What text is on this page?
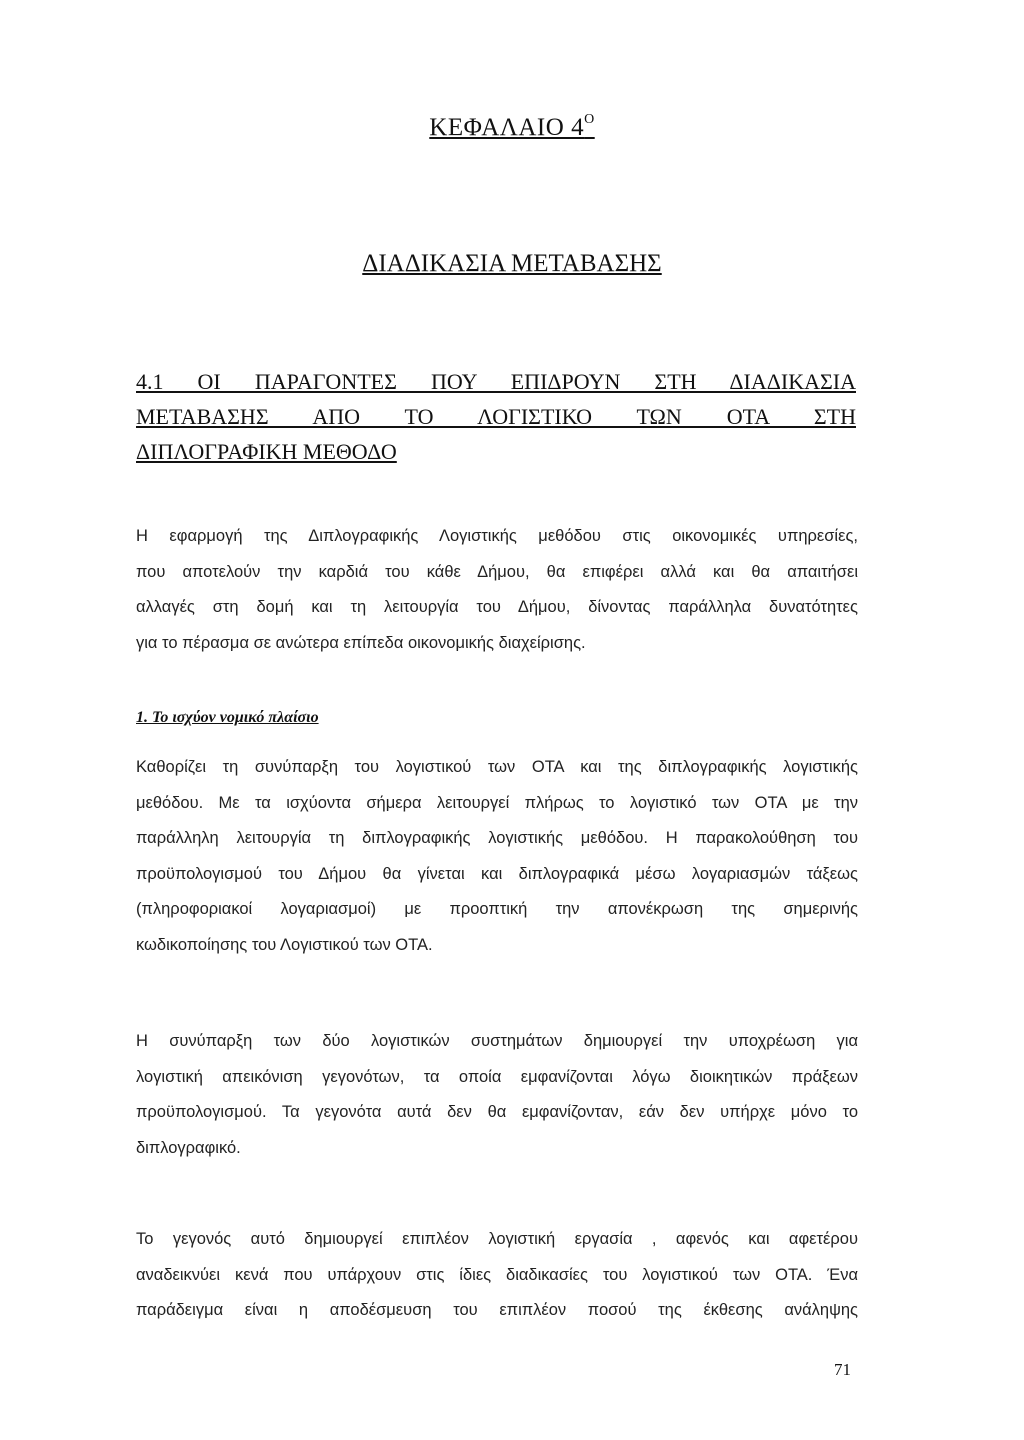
ΚΕΦΑΛΑΙΟ $4^O$
ΔΙΑΔΙΚΑΣΙΑ ΜΕΤΑΒΑΣΗΣ
4.1 ΟΙ ΠΑΡΑΓΟΝΤΕΣ ΠΟΥ ΕΠΙΔΡΟΥΝ ΣΤΗ ΔΙΑΔΙΚΑΣΙΑ
ΜΕΤΑΒΑΣΗΣ ΑΠΟ ΤΟ ΛΟΓΙΣΤΙΚΟ ΤΩΝ ΟΤΑ ΣΤΗ
ΔΙΠΛΟΓΡΑΦΙΚΗ ΜΕΘΟΔΟ
Η εφαρμογή της Διπλογραφικής Λογιστικής μεθόδου στις οικονομικές υπηρεσίες,
που αποτελούν την καρδιά του κάθε Δήμου, θα επιφέρει αλλά και θα απαιτήσει
αλλαγές στη δομή και τη λειτουργία του Δήμου, δίνοντας παράλληλα δυνατότητες
για το πέρασμα σε ανώτερα επίπεδα οικονομικής διαχείρισης.
1. Το ισχύον νομικό πλαίσιο
Καθορίζει τη συνύπαρξη του λογιστικού των ΟΤΑ και της διπλογραφικής λογιστικής
μεθόδου. Με τα ισχύοντα σήμερα λειτουργεί πλήρως το λογιστικό των ΟΤΑ με την
παράλληλη λειτουργία τη διπλογραφικής λογιστικής μεθόδου. Η παρακολούθηση του
προϋπολογισμού του Δήμου θα γίνεται και διπλογραφικά μέσω λογαριασμών τάξεως
(πληροφοριακοί λογαριασμοί) με προοπτική την απονέκρωση της σημερινής
κωδικοποίησης του Λογιστικού των ΟΤΑ.
Η συνύπαρξη των δύο λογιστικών συστημάτων δημιουργεί την υποχρέωση για
λογιστική απεικόνιση γεγονότων, τα οποία εμφανίζονται λόγω διοικητικών πράξεων
προϋπολογισμού. Τα γεγονότα αυτά δεν θα εμφανίζονταν, εάν δεν υπήρχε μόνο το
διπλογραφικό.
Το γεγονός αυτό δημιουργεί επιπλέον λογιστική εργασία , αφενός και αφετέρου
αναδεικνύει κενά που υπάρχουν στις ίδιες διαδικασίες του λογιστικού των ΟΤΑ. Ένα
παράδειγμα είναι η αποδέσμευση του επιπλέον ποσού της έκθεσης ανάληψης
71
